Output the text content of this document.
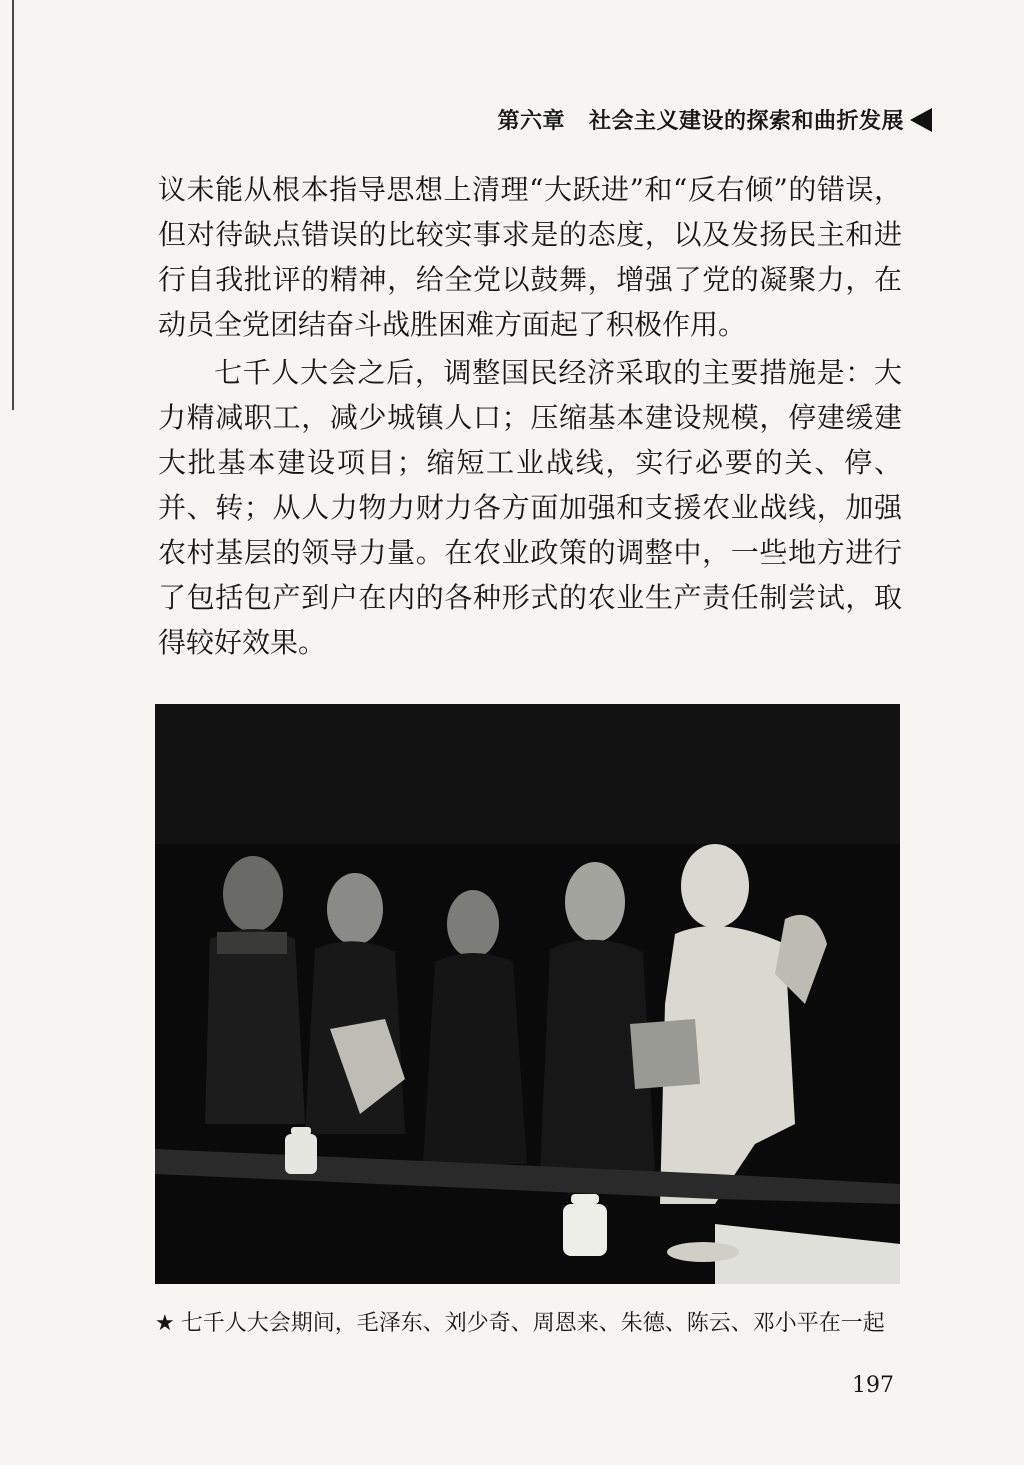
第六章 社会主义建设的探索和曲折发展

议未能从根本指导思想上清理“大跃进”和“反右倾”的错误，但对待缺点错误的比较实事求是的态度，以及发扬民主和进行自我批评的精神，给全党以鼓舞，增强了党的凝聚力，在动员全党团结奋斗战胜困难方面起了积极作用。

七千人大会之后，调整国民经济采取的主要措施是：大力精减职工，减少城镇人口；压缩基本建设规模，停建缓建大批基本建设项目；缩短工业战线，实行必要的关、停、并、转；从人力物力财力各方面加强和支援农业战线，加强农村基层的领导力量。在农业政策的调整中，一些地方进行了包括包产到户在内的各种形式的农业生产责任制尝试，取得较好效果。

★ 七千人大会期间，毛泽东、刘少奇、周恩来、朱德、陈云、邓小平在一起
197
